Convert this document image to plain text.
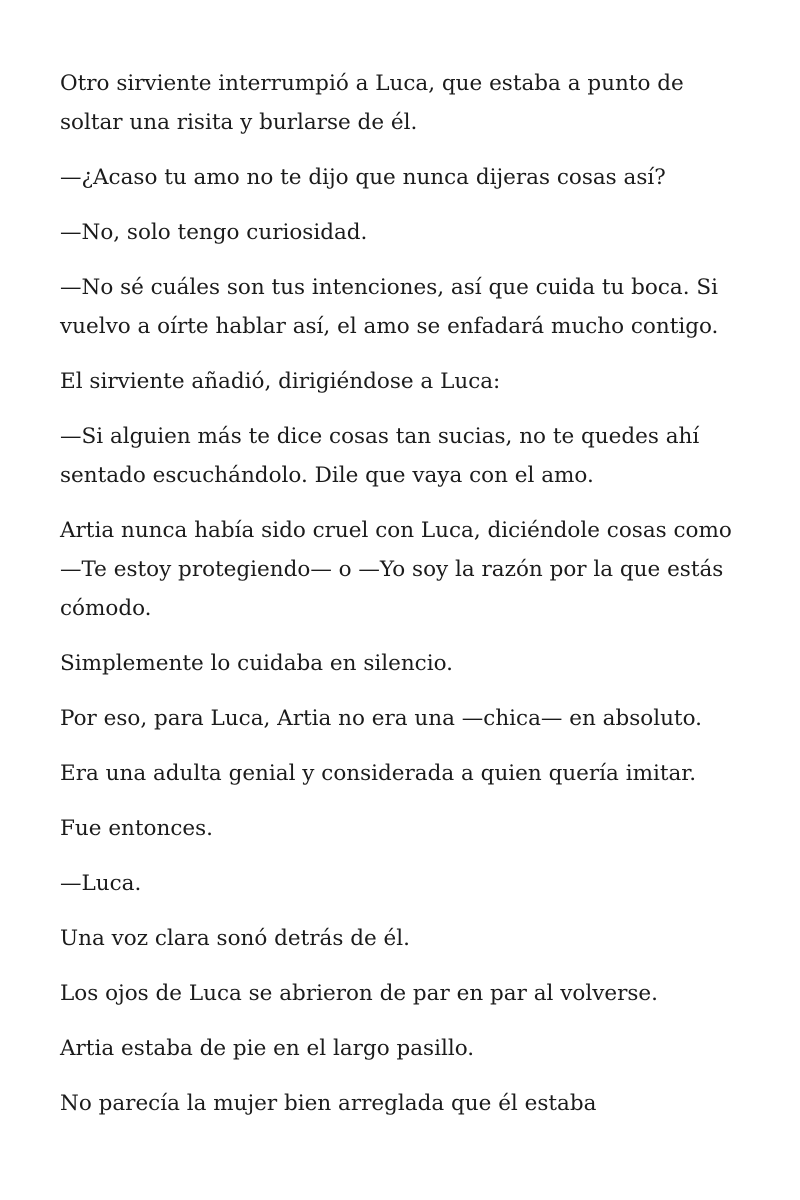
Otro sirviente interrumpió a Luca, que estaba a punto de soltar una risita y burlarse de él.

—¿Acaso tu amo no te dijo que nunca dijeras cosas así?

—No, solo tengo curiosidad.

—No sé cuáles son tus intenciones, así que cuida tu boca. Si vuelvo a oírte hablar así, el amo se enfadará mucho contigo.

El sirviente añadió, dirigiéndose a Luca:

—Si alguien más te dice cosas tan sucias, no te quedes ahí sentado escuchándolo. Dile que vaya con el amo.

Artia nunca había sido cruel con Luca, diciéndole cosas como —Te estoy protegiendo— o —Yo soy la razón por la que estás cómodo.

Simplemente lo cuidaba en silencio.

Por eso, para Luca, Artia no era una —chica— en absoluto.

Era una adulta genial y considerada a quien quería imitar.

Fue entonces.

—Luca.

Una voz clara sonó detrás de él.

Los ojos de Luca se abrieron de par en par al volverse.

Artia estaba de pie en el largo pasillo.

No parecía la mujer bien arreglada que él estaba
